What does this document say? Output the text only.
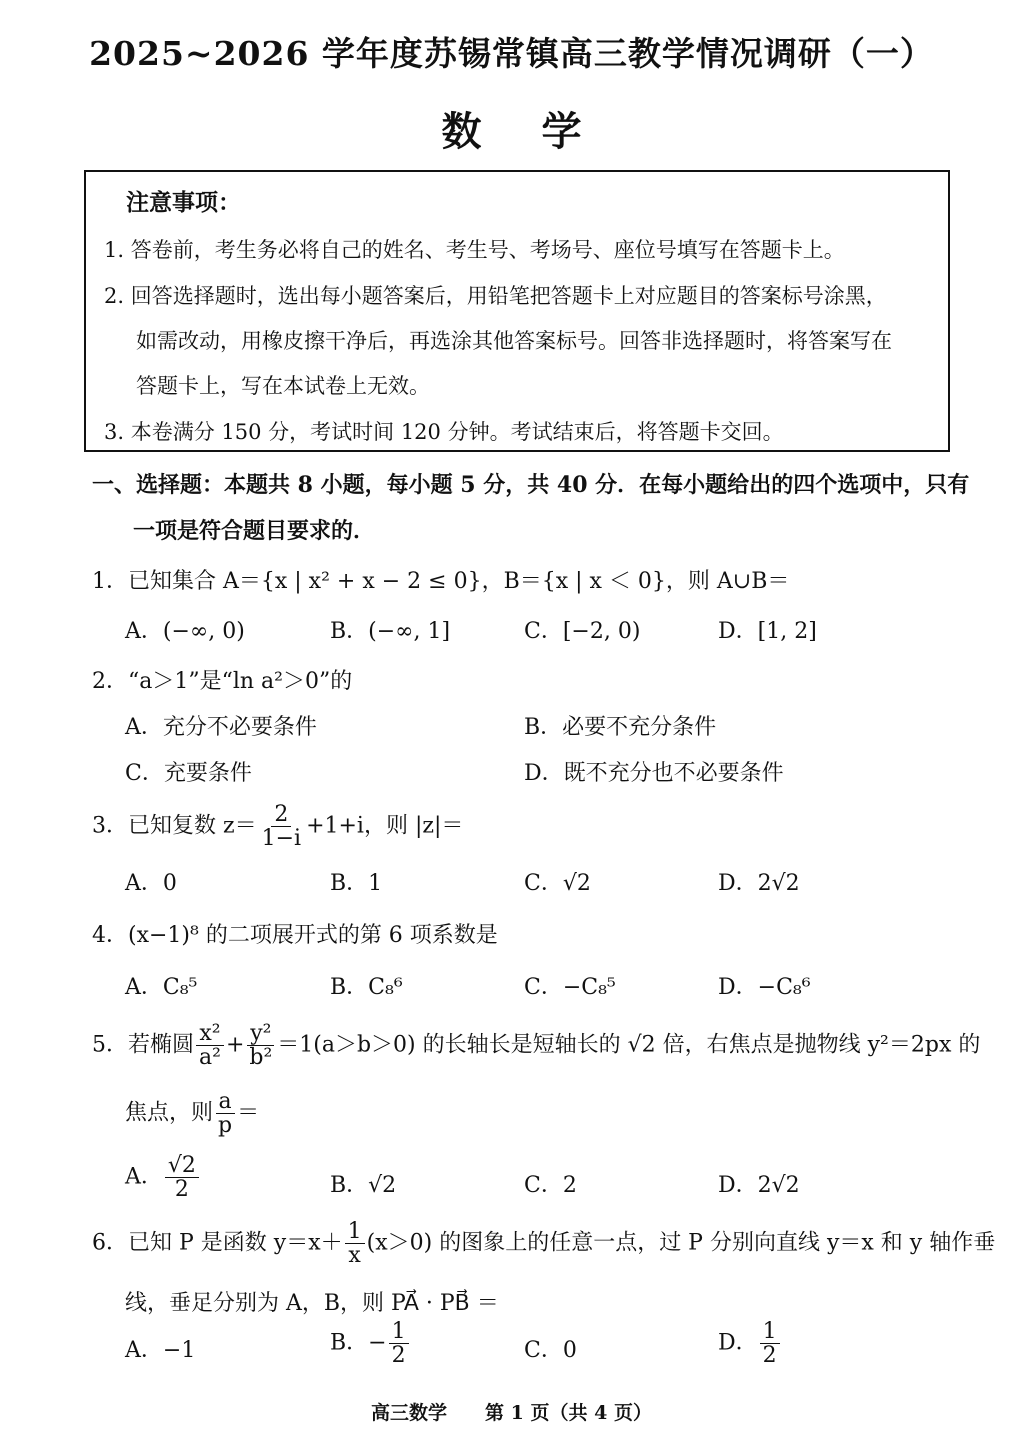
2025~2026 学年度苏锡常镇高三教学情况调研（一）
数学
注意事项：
1. 答卷前，考生务必将自己的姓名、考生号、考场号、座位号填写在答题卡上。
2. 回答选择题时，选出每小题答案后，用铅笔把答题卡上对应题目的答案标号涂黑，
如需改动，用橡皮擦干净后，再选涂其他答案标号。回答非选择题时，将答案写在
答题卡上，写在本试卷上无效。
3. 本卷满分 150 分，考试时间 120 分钟。考试结束后，将答题卡交回。
一、选择题：本题共 8 小题，每小题 5 分，共 40 分．在每小题给出的四个选项中，只有
一项是符合题目要求的．
1．已知集合 A＝{x | x² + x − 2 ≤ 0}，B＝{x | x ＜ 0}，则 A∪B＝
A．(−∞, 0)	B．(−∞, 1]	C．[−2, 0)	D．[1, 2]
2．“a＞1”是“ln a²＞0”的
A．充分不必要条件	B．必要不充分条件
C．充要条件	D．既不充分也不必要条件
3．已知复数 $z= \frac{2}{1-i} +1+i$，则 |z|＝
A．0	B．1	C．√2	D．2√2
4．(x−1)⁸ 的二项展开式的第 6 项系数是
A．C₈⁵	B．C₈⁶	C．−C₈⁵	D．−C₈⁶
5．若椭圆 $\frac{\text{x²}}{\text{a²}} + \frac{\text{y²}}{\text{b²}} =1(a>b>0)$ 的长轴长是短轴长的 √2 倍，右焦点是抛物线 y²＝2px 的
焦点，则 $\frac{a}{p}$ ＝
A． $\frac{√2}{2}$	B．√2	C．2	D．2√2
6．已知 P 是函数 $y=x+ \frac{1}{x} (x>0)$ 的图象上的任意一点，过 P 分别向直线 y＝x 和 y 轴作垂
线，垂足分别为 A，B，则 PA⃗ · PB⃗ ＝
A．−1	B．− $\frac{1}{2}$	C．0	D． $\frac{1}{2}$
高三数学　　第 1 页（共 4 页）
